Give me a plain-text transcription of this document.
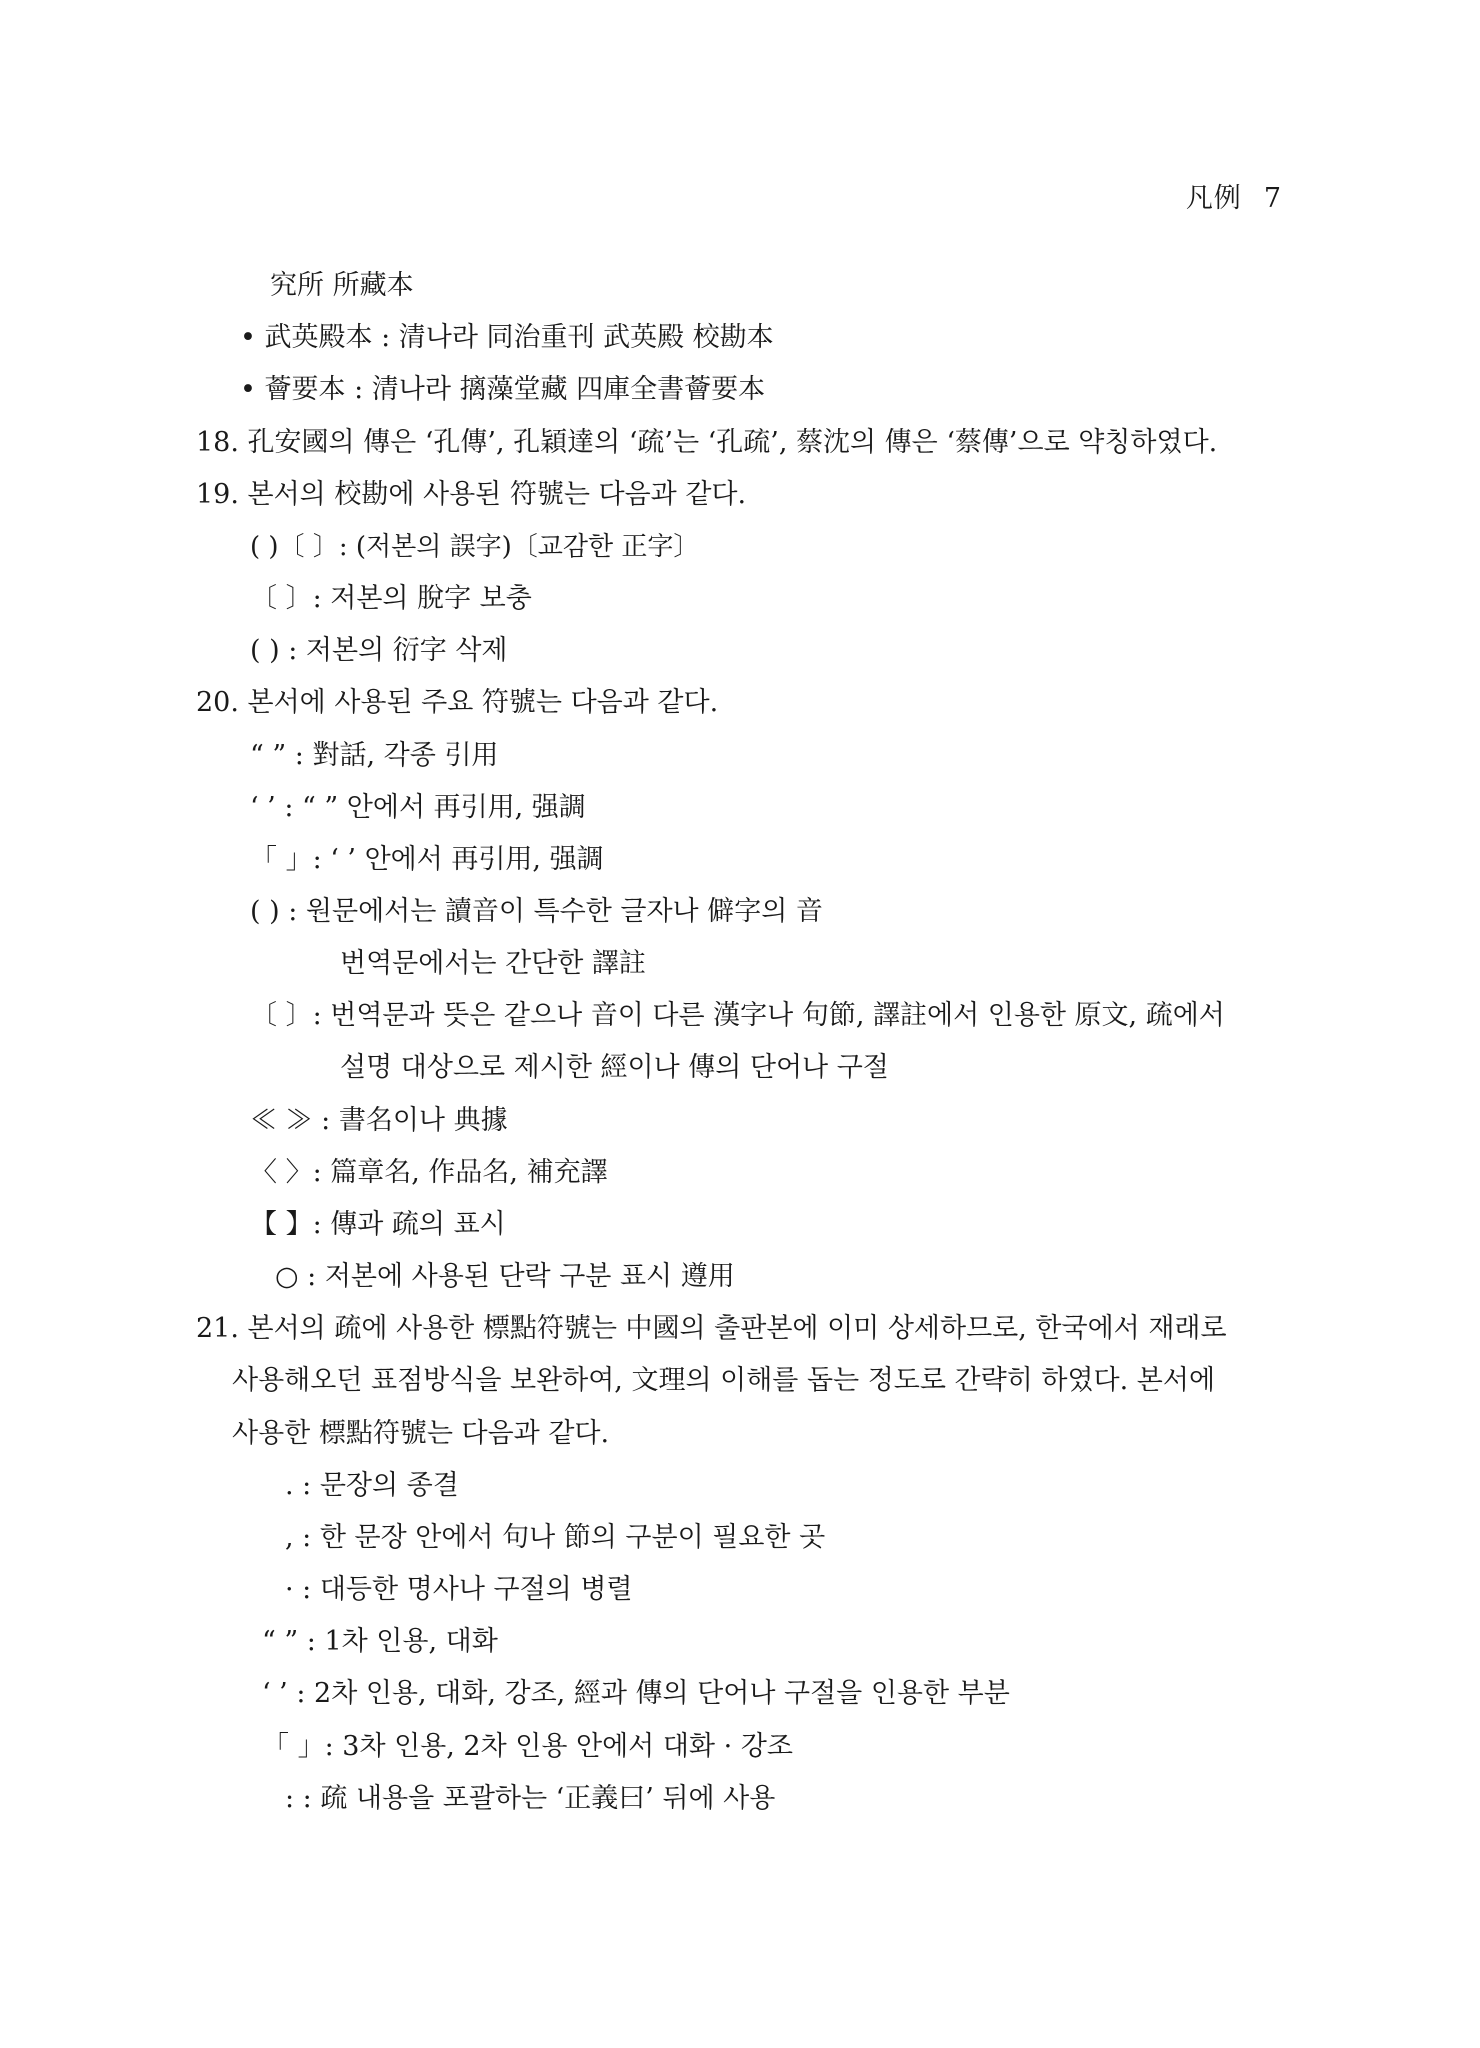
凡例 7
究所 所藏本
• 武英殿本 : 清나라 同治重刊 武英殿 校勘本
• 薈要本 : 清나라 摛藻堂藏 四庫全書薈要本
18. 孔安國의 傳은 ‘孔傳’, 孔穎達의 ‘疏’는 ‘孔疏’, 蔡沈의 傳은 ‘蔡傳’으로 약칭하였다.
19. 본서의 校勘에 사용된 符號는 다음과 같다.
( )〔 〕: (저본의 誤字)〔교감한 正字〕
〔 〕: 저본의 脫字 보충
( ) : 저본의 衍字 삭제
20. 본서에 사용된 주요 符號는 다음과 같다.
“ ” : 對話, 각종 引用
‘ ’ : “ ” 안에서 再引用, 强調
「 」: ‘ ’ 안에서 再引用, 强調
( ) : 원문에서는 讀音이 특수한 글자나 僻字의 音
번역문에서는 간단한 譯註
〔 〕: 번역문과 뜻은 같으나 音이 다른 漢字나 句節, 譯註에서 인용한 原文, 疏에서
설명 대상으로 제시한 經이나 傳의 단어나 구절
≪ ≫ : 書名이나 典據
〈 〉: 篇章名, 作品名, 補充譯
【 】: 傳과 疏의 표시
○ : 저본에 사용된 단락 구분 표시 遵用
21. 본서의 疏에 사용한 標點符號는 中國의 출판본에 이미 상세하므로, 한국에서 재래로
사용해오던 표점방식을 보완하여, 文理의 이해를 돕는 정도로 간략히 하였다. 본서에
사용한 標點符號는 다음과 같다.
. : 문장의 종결
, : 한 문장 안에서 句나 節의 구분이 필요한 곳
· : 대등한 명사나 구절의 병렬
“ ” : 1차 인용, 대화
‘ ’ : 2차 인용, 대화, 강조, 經과 傳의 단어나 구절을 인용한 부분
「 」: 3차 인용, 2차 인용 안에서 대화 · 강조
: : 疏 내용을 포괄하는 ‘正義曰’ 뒤에 사용
